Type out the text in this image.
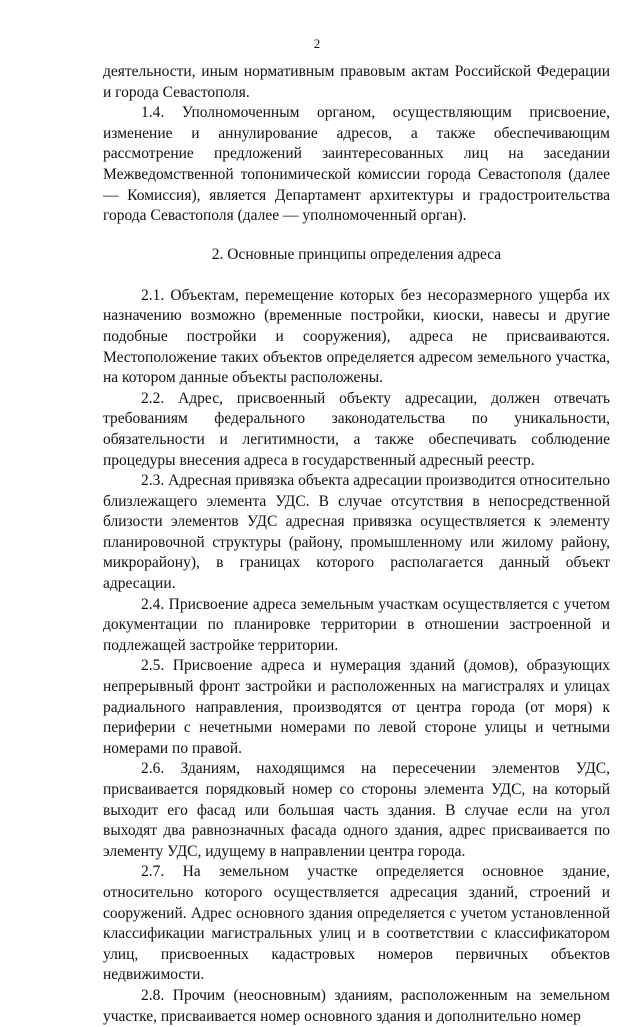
2

деятельности, иным нормативным правовым актам Российской Федерации и города Севастополя.

1.4. Уполномоченным органом, осуществляющим присвоение, изменение и аннулирование адресов, а также обеспечивающим рассмотрение предложений заинтересованных лиц на заседании Межведомственной топонимической комиссии города Севастополя (далее — Комиссия), является Департамент архитектуры и градостроительства города Севастополя (далее — уполномоченный орган).

2. Основные принципы определения адреса

2.1. Объектам, перемещение которых без несоразмерного ущерба их назначению возможно (временные постройки, киоски, навесы и другие подобные постройки и сооружения), адреса не присваиваются. Местоположение таких объектов определяется адресом земельного участка, на котором данные объекты расположены.

2.2. Адрес, присвоенный объекту адресации, должен отвечать требованиям федерального законодательства по уникальности, обязательности и легитимности, а также обеспечивать соблюдение процедуры внесения адреса в государственный адресный реестр.

2.3. Адресная привязка объекта адресации производится относительно близлежащего элемента УДС. В случае отсутствия в непосредственной близости элементов УДС адресная привязка осуществляется к элементу планировочной структуры (району, промышленному или жилому району, микрорайону), в границах которого располагается данный объект адресации.

2.4. Присвоение адреса земельным участкам осуществляется с учетом документации по планировке территории в отношении застроенной и подлежащей застройке территории.

2.5. Присвоение адреса и нумерация зданий (домов), образующих непрерывный фронт застройки и расположенных на магистралях и улицах радиального направления, производятся от центра города (от моря) к периферии с нечетными номерами по левой стороне улицы и четными номерами по правой.

2.6. Зданиям, находящимся на пересечении элементов УДС, присваивается порядковый номер со стороны элемента УДС, на который выходит его фасад или большая часть здания. В случае если на угол выходят два равнозначных фасада одного здания, адрес присваивается по элементу УДС, идущему в направлении центра города.

2.7. На земельном участке определяется основное здание, относительно которого осуществляется адресация зданий, строений и сооружений. Адрес основного здания определяется с учетом установленной классификации магистральных улиц и в соответствии с классификатором улиц, присвоенных кадастровых номеров первичных объектов недвижимости.

2.8. Прочим (неосновным) зданиям, расположенным на земельном участке, присваивается номер основного здания и дополнительно номер
